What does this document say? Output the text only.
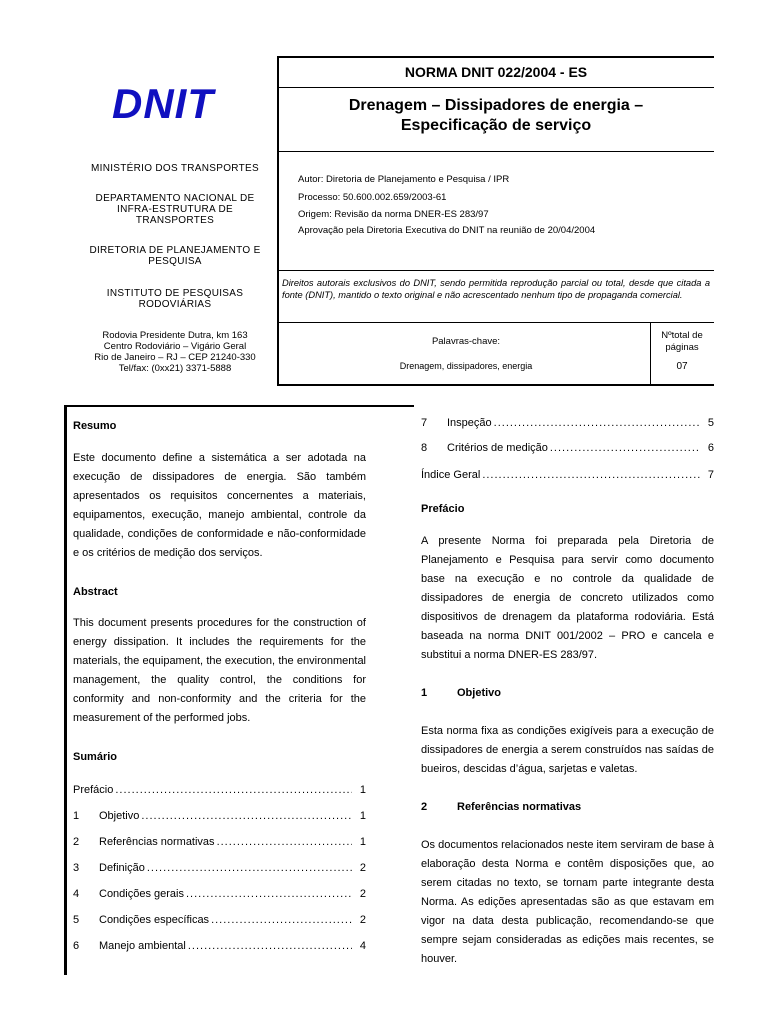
DNIT
MINISTÉRIO DOS TRANSPORTES
DEPARTAMENTO NACIONAL DE INFRA-ESTRUTURA DE TRANSPORTES
DIRETORIA DE PLANEJAMENTO E PESQUISA
INSTITUTO DE PESQUISAS RODOVIÁRIAS
Rodovia Presidente Dutra, km 163
Centro Rodoviário – Vigário Geral
Rio de Janeiro – RJ – CEP 21240-330
Tel/fax: (0xx21) 3371-5888
NORMA DNIT 022/2004 - ES
Drenagem – Dissipadores de energia –
Especificação de serviço
Autor: Diretoria de Planejamento e Pesquisa / IPR
Processo: 50.600.002.659/2003-61
Origem: Revisão da norma DNER-ES 283/97
Aprovação pela Diretoria Executiva do DNIT na reunião de 20/04/2004
Direitos autorais exclusivos do DNIT, sendo permitida reprodução parcial ou total, desde que citada a fonte (DNIT), mantido o texto original e não acrescentado nenhum tipo de propaganda comercial.
Palavras-chave:
Drenagem, dissipadores, energia
Nºtotal de páginas
07
Resumo
Este documento define a sistemática a ser adotada na execução de dissipadores de energia. São também apresentados os requisitos concernentes a materiais, equipamentos, execução, manejo ambiental, controle da qualidade, condições de conformidade e não-conformidade e os critérios de medição dos serviços.
Abstract
This document presents procedures for the construction of energy dissipation. It includes the requirements for the materials, the equipament, the execution, the environmental management, the quality control, the conditions for conformity and non-conformity and the criteria for the measurement of the performed jobs.
Sumário
Prefácio .....	1
1	Objetivo .....	1
2	Referências normativas .....	1
3	Definição .....	2
4	Condições gerais .....	2
5	Condições específicas .....	2
6	Manejo ambiental .....	4
7	Inspeção .....	5
8	Critérios de medição .....	6
Índice Geral .....	7
Prefácio
A presente Norma foi preparada pela Diretoria de Planejamento e Pesquisa para servir como documento base na execução e no controle da qualidade de dissipadores de energia de concreto utilizados como dispositivos de drenagem da plataforma rodoviária. Está baseada na norma DNIT 001/2002 – PRO e cancela e substitui a norma DNER-ES 283/97.
1	Objetivo
Esta norma fixa as condições exigíveis para a execução de dissipadores de energia a serem construídos nas saídas de bueiros, descidas d’água, sarjetas e valetas.
2	Referências normativas
Os documentos relacionados neste item serviram de base à elaboração desta Norma e contêm disposições que, ao serem citadas no texto, se tornam parte integrante desta Norma. As edições apresentadas são as que estavam em vigor na data desta publicação, recomendando-se que sempre sejam consideradas as edições mais recentes, se houver.
